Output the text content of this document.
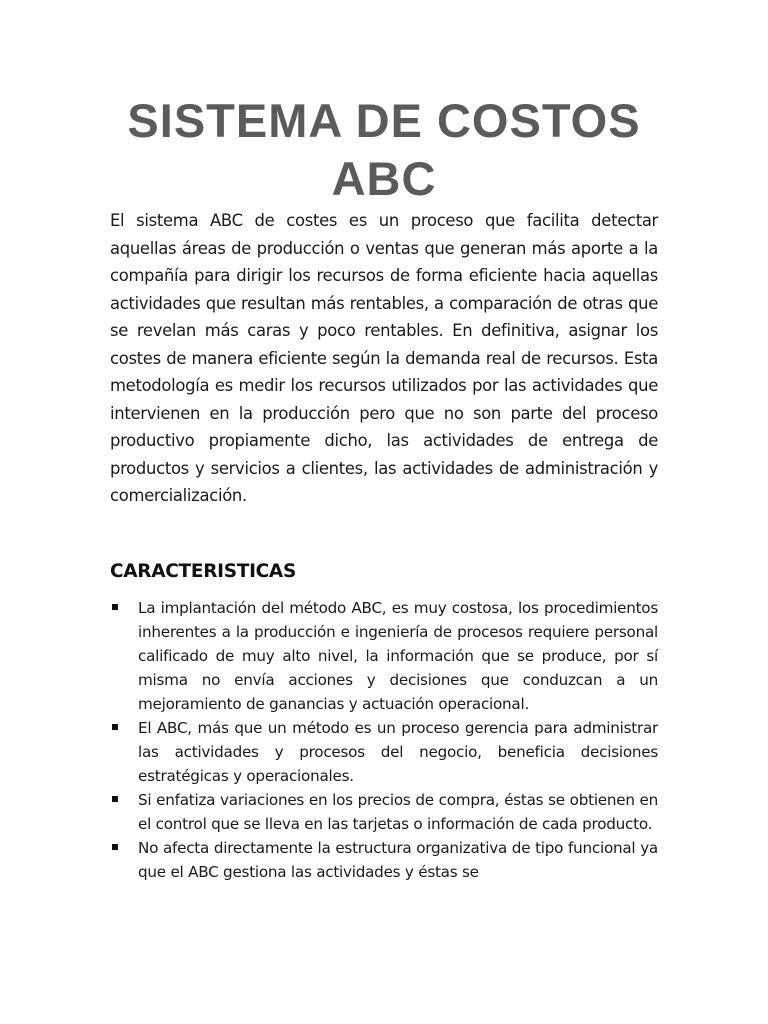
SISTEMA DE COSTOS ABC

El sistema ABC de costes es un proceso que facilita detectar aquellas áreas de producción o ventas que generan más aporte a la compañía para dirigir los recursos de forma eficiente hacia aquellas actividades que resultan más rentables, a comparación de otras que se revelan más caras y poco rentables. En definitiva, asignar los costes de manera eficiente según la demanda real de recursos. Esta metodología es medir los recursos utilizados por las actividades que intervienen en la producción pero que no son parte del proceso productivo propiamente dicho, las actividades de entrega de productos y servicios a clientes, las actividades de administración y comercialización.

CARACTERISTICAS
La implantación del método ABC, es muy costosa, los procedimientos inherentes a la producción e ingeniería de procesos requiere personal calificado de muy alto nivel, la información que se produce, por sí misma no envía acciones y decisiones que conduzcan a un mejoramiento de ganancias y actuación operacional.
El ABC, más que un método es un proceso gerencia para administrar las actividades y procesos del negocio, beneficia decisiones estratégicas y operacionales.
Si enfatiza variaciones en los precios de compra, éstas se obtienen en el control que se lleva en las tarjetas o información de cada producto.
No afecta directamente la estructura organizativa de tipo funcional ya que el ABC gestiona las actividades y éstas se
